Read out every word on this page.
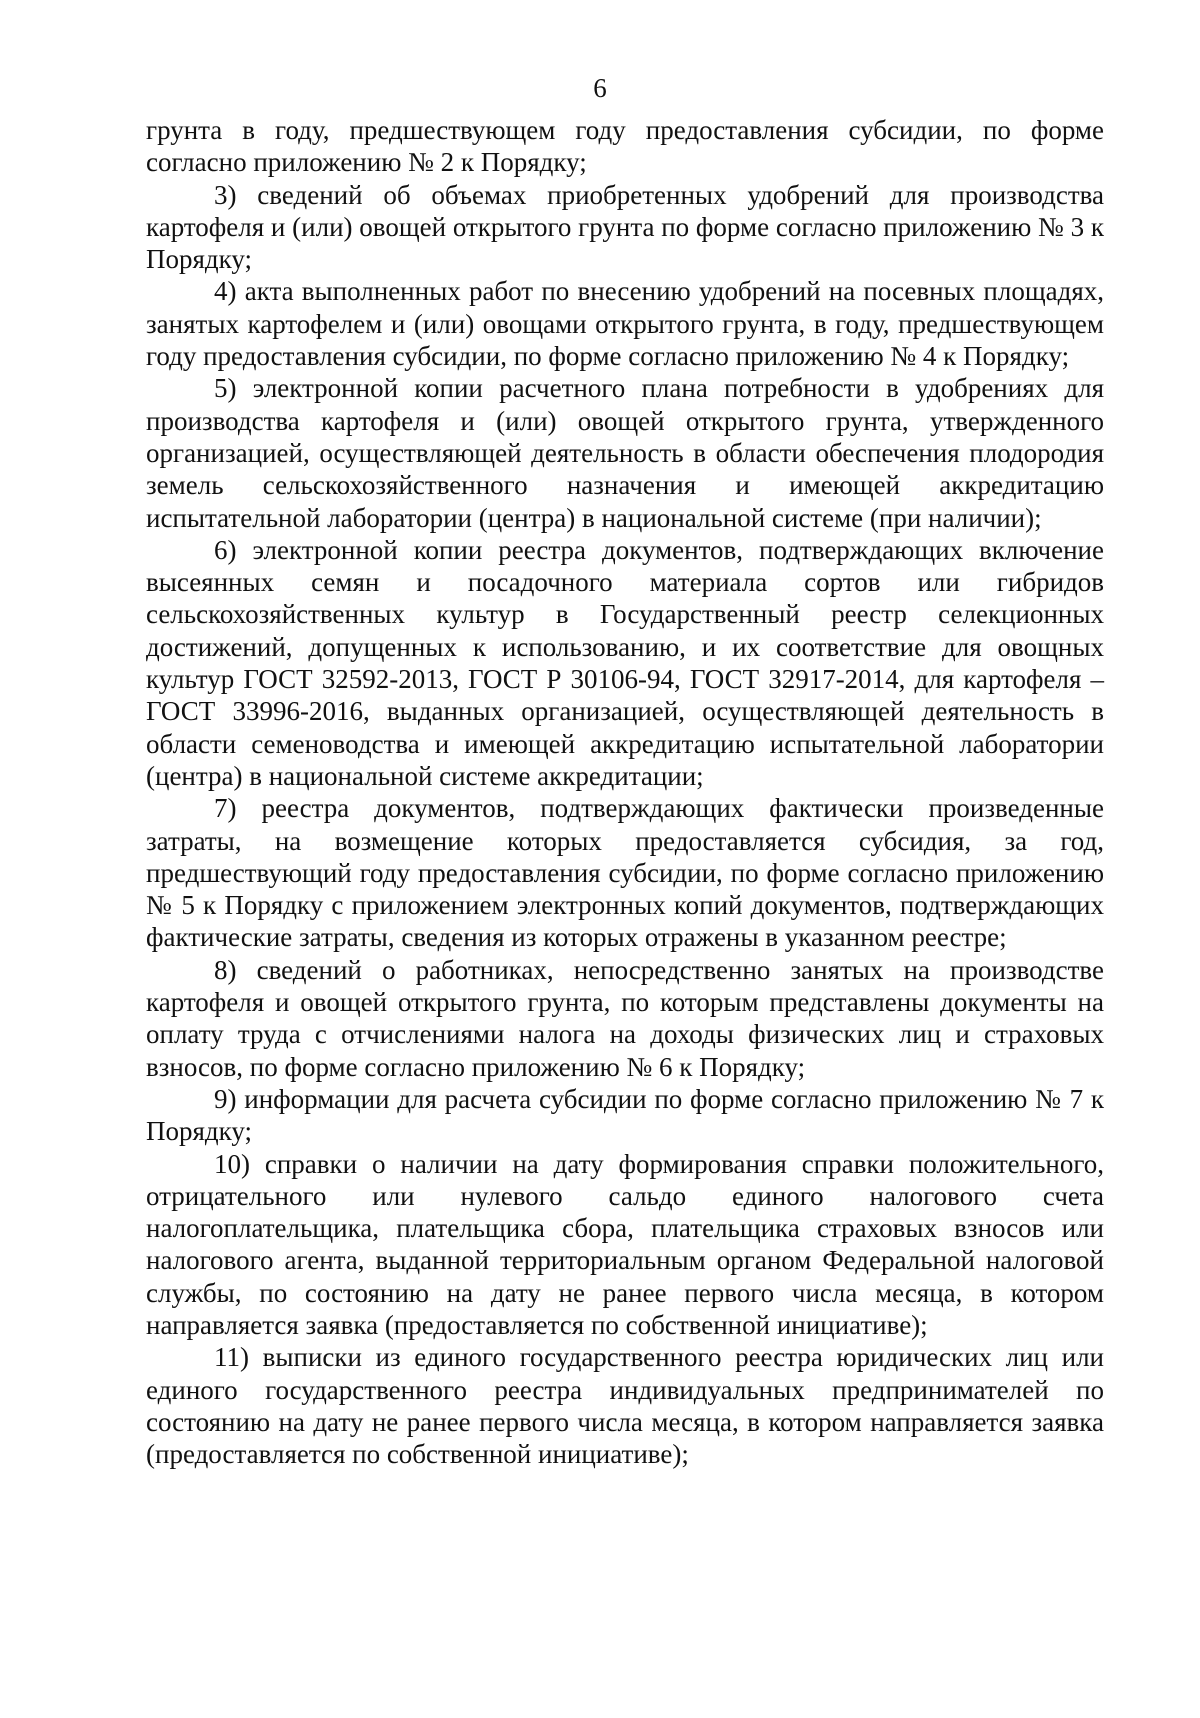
6

грунта в году, предшествующем году предоставления субсидии, по форме согласно приложению № 2 к Порядку;

3) сведений об объемах приобретенных удобрений для производства картофеля и (или) овощей открытого грунта по форме согласно приложению № 3 к Порядку;

4) акта выполненных работ по внесению удобрений на посевных площадях, занятых картофелем и (или) овощами открытого грунта, в году, предшествующем году предоставления субсидии, по форме согласно приложению № 4 к Порядку;

5) электронной копии расчетного плана потребности в удобрениях для производства картофеля и (или) овощей открытого грунта, утвержденного организацией, осуществляющей деятельность в области обеспечения плодородия земель сельскохозяйственного назначения и имеющей аккредитацию испытательной лаборатории (центра) в национальной системе (при наличии);

6) электронной копии реестра документов, подтверждающих включение высеянных семян и посадочного материала сортов или гибридов сельскохозяйственных культур в Государственный реестр селекционных достижений, допущенных к использованию, и их соответствие для овощных культур ГОСТ 32592-2013, ГОСТ Р 30106-94, ГОСТ 32917-2014, для картофеля – ГОСТ 33996-2016, выданных организацией, осуществляющей деятельность в области семеноводства и имеющей аккредитацию испытательной лаборатории (центра) в национальной системе аккредитации;

7) реестра документов, подтверждающих фактически произведенные затраты, на возмещение которых предоставляется субсидия, за год, предшествующий году предоставления субсидии, по форме согласно приложению № 5 к Порядку с приложением электронных копий документов, подтверждающих фактические затраты, сведения из которых отражены в указанном реестре;

8) сведений о работниках, непосредственно занятых на производстве картофеля и овощей открытого грунта, по которым представлены документы на оплату труда с отчислениями налога на доходы физических лиц и страховых взносов, по форме согласно приложению № 6 к Порядку;

9) информации для расчета субсидии по форме согласно приложению № 7 к Порядку;

10) справки о наличии на дату формирования справки положительного, отрицательного или нулевого сальдо единого налогового счета налогоплательщика, плательщика сбора, плательщика страховых взносов или налогового агента, выданной территориальным органом Федеральной налоговой службы, по состоянию на дату не ранее первого числа месяца, в котором направляется заявка (предоставляется по собственной инициативе);

11) выписки из единого государственного реестра юридических лиц или единого государственного реестра индивидуальных предпринимателей по состоянию на дату не ранее первого числа месяца, в котором направляется заявка (предоставляется по собственной инициативе);
